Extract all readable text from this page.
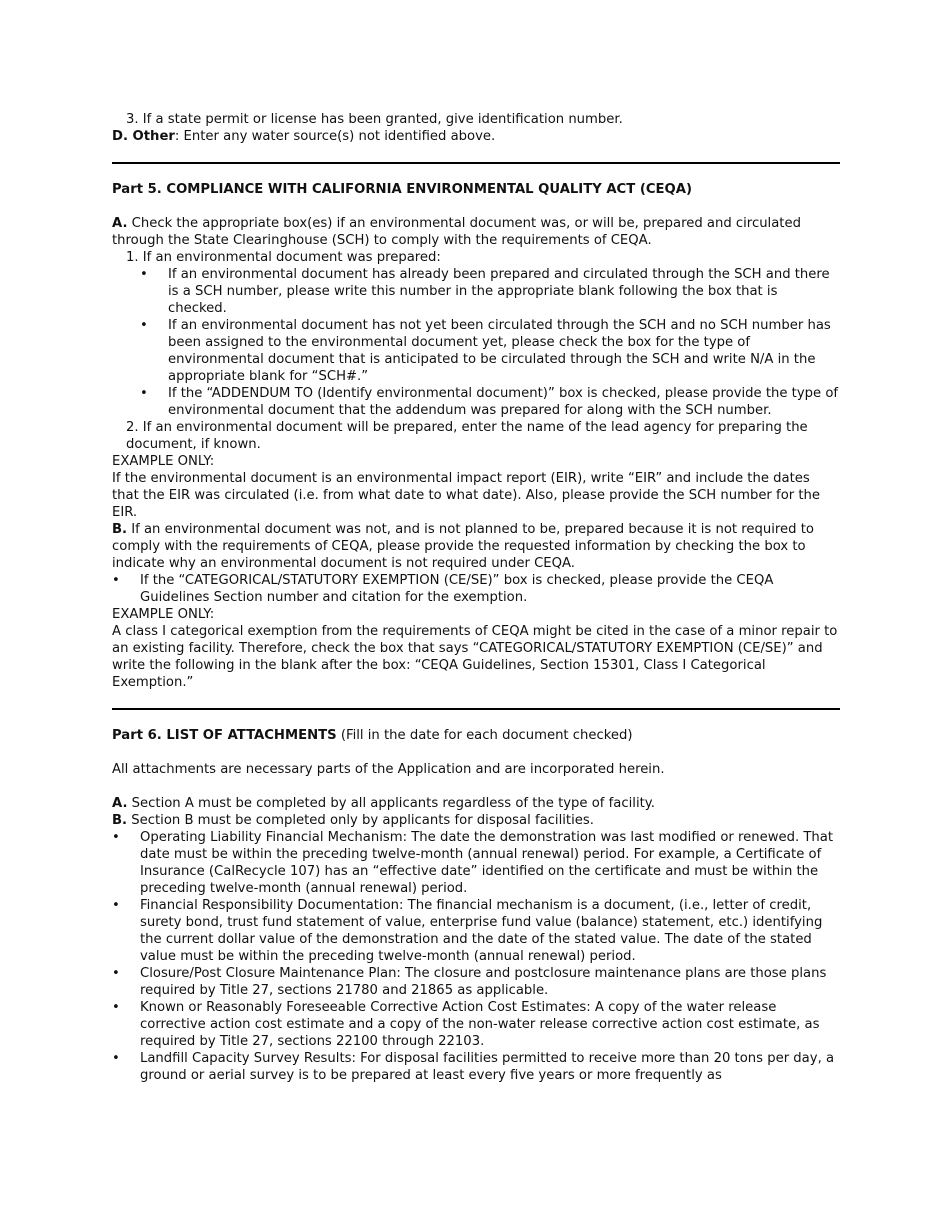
3. If a state permit or license has been granted, give identification number.

D. Other: Enter any water source(s) not identified above.

Part 5. COMPLIANCE WITH CALIFORNIA ENVIRONMENTAL QUALITY ACT (CEQA)

A. Check the appropriate box(es) if an environmental document was, or will be, prepared and circulated through the State Clearinghouse (SCH) to comply with the requirements of CEQA.

1. If an environmental document was prepared:

• If an environmental document has already been prepared and circulated through the SCH and there is a SCH number, please write this number in the appropriate blank following the box that is checked.
• If an environmental document has not yet been circulated through the SCH and no SCH number has been assigned to the environmental document yet, please check the box for the type of environmental document that is anticipated to be circulated through the SCH and write N/A in the appropriate blank for “SCH#.”
• If the “ADDENDUM TO (Identify environmental document)” box is checked, please provide the type of environmental document that the addendum was prepared for along with the SCH number.

2. If an environmental document will be prepared, enter the name of the lead agency for preparing the document, if known.

EXAMPLE ONLY:

If the environmental document is an environmental impact report (EIR), write “EIR” and include the dates that the EIR was circulated (i.e. from what date to what date). Also, please provide the SCH number for the EIR.

B. If an environmental document was not, and is not planned to be, prepared because it is not required to comply with the requirements of CEQA, please provide the requested information by checking the box to indicate why an environmental document is not required under CEQA.

• If the “CATEGORICAL/STATUTORY EXEMPTION (CE/SE)” box is checked, please provide the CEQA Guidelines Section number and citation for the exemption.

EXAMPLE ONLY:

A class I categorical exemption from the requirements of CEQA might be cited in the case of a minor repair to an existing facility. Therefore, check the box that says “CATEGORICAL/STATUTORY EXEMPTION (CE/SE)” and write the following in the blank after the box: “CEQA Guidelines, Section 15301, Class I Categorical Exemption.”

Part 6. LIST OF ATTACHMENTS (Fill in the date for each document checked)

All attachments are necessary parts of the Application and are incorporated herein.

A. Section A must be completed by all applicants regardless of the type of facility.

B. Section B must be completed only by applicants for disposal facilities.

• Operating Liability Financial Mechanism: The date the demonstration was last modified or renewed. That date must be within the preceding twelve-month (annual renewal) period. For example, a Certificate of Insurance (CalRecycle 107) has an “effective date” identified on the certificate and must be within the preceding twelve-month (annual renewal) period.
• Financial Responsibility Documentation: The financial mechanism is a document, (i.e., letter of credit, surety bond, trust fund statement of value, enterprise fund value (balance) statement, etc.) identifying the current dollar value of the demonstration and the date of the stated value. The date of the stated value must be within the preceding twelve-month (annual renewal) period.
• Closure/Post Closure Maintenance Plan: The closure and postclosure maintenance plans are those plans required by Title 27, sections 21780 and 21865 as applicable.
• Known or Reasonably Foreseeable Corrective Action Cost Estimates: A copy of the water release corrective action cost estimate and a copy of the non-water release corrective action cost estimate, as required by Title 27, sections 22100 through 22103.
• Landfill Capacity Survey Results: For disposal facilities permitted to receive more than 20 tons per day, a ground or aerial survey is to be prepared at least every five years or more frequently as
